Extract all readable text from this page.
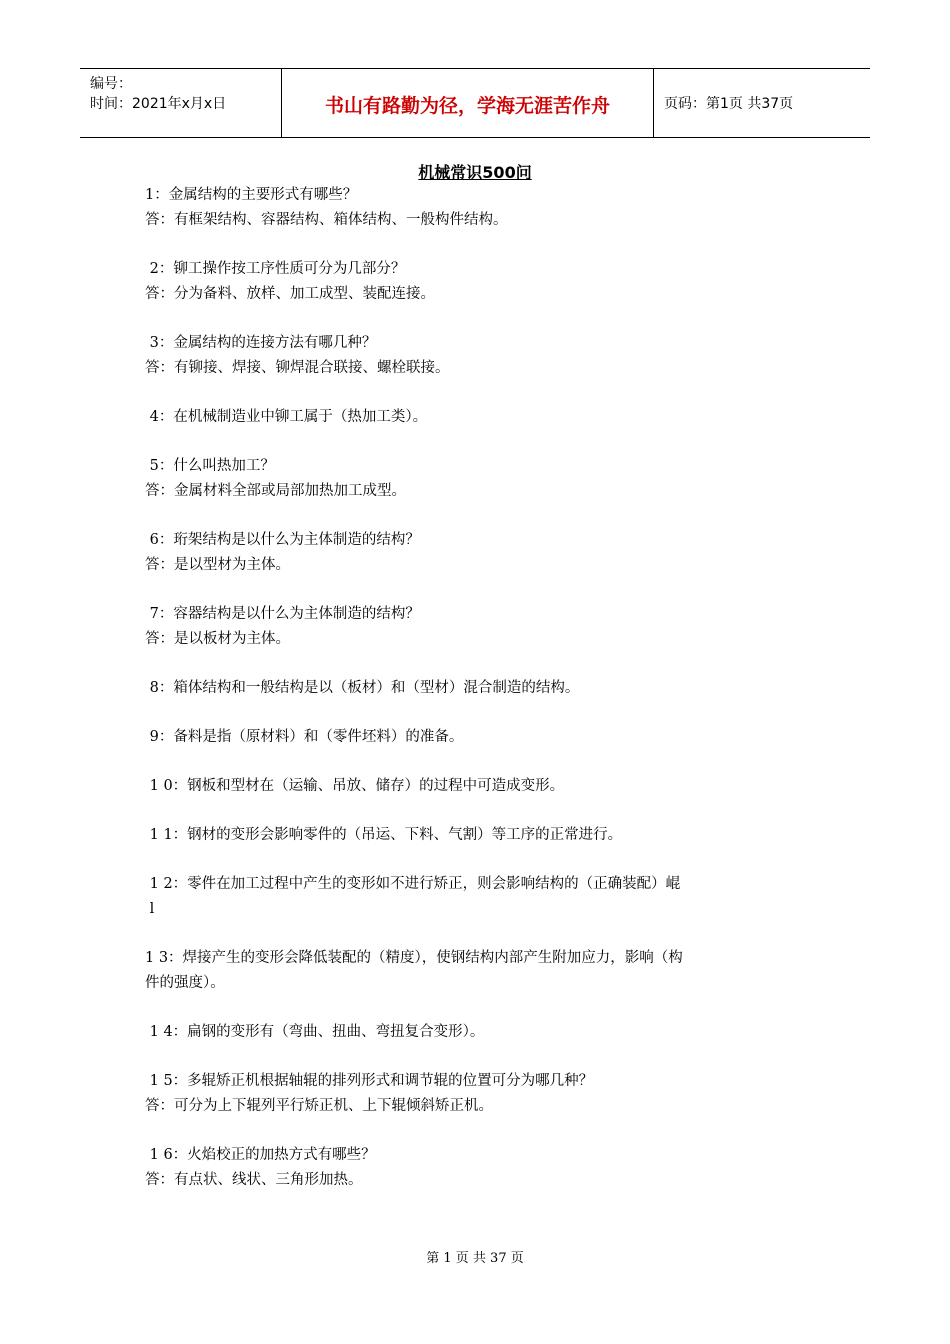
编号：
时间：2021年x月x日	书山有路勤为径，学海无涯苦作舟	页码：第1页 共37页
机械常识500问
1：金属结构的主要形式有哪些？
答：有框架结构、容器结构、箱体结构、一般构件结构。
2：铆工操作按工序性质可分为几部分？
答：分为备料、放样、加工成型、装配连接。
3：金属结构的连接方法有哪几种？
答：有铆接、焊接、铆焊混合联接、螺栓联接。
4：在机械制造业中铆工属于（热加工类）。
5：什么叫热加工？
答：金属材料全部或局部加热加工成型。
6：珩架结构是以什么为主体制造的结构？
答：是以型材为主体。
7：容器结构是以什么为主体制造的结构？
答：是以板材为主体。
8：箱体结构和一般结构是以（板材）和（型材）混合制造的结构。
9：备料是指（原材料）和（零件坯料）的准备。
1 0：钢板和型材在（运输、吊放、储存）的过程中可造成变形。
1 1：钢材的变形会影响零件的（吊运、下料、气割）等工序的正常进行。
1 2：零件在加工过程中产生的变形如不进行矫正，则会影响结构的（正确装配）崐
l
1 3：焊接产生的变形会降低装配的（精度），使钢结构内部产生附加应力，影响（构
件的强度）。
1 4：扁钢的变形有（弯曲、扭曲、弯扭复合变形）。
1 5：多辊矫正机根据轴辊的排列形式和调节辊的位置可分为哪几种？
答：可分为上下辊列平行矫正机、上下辊倾斜矫正机。
1 6：火焰校正的加热方式有哪些？
答：有点状、线状、三角形加热。
第 1 页 共 37 页
